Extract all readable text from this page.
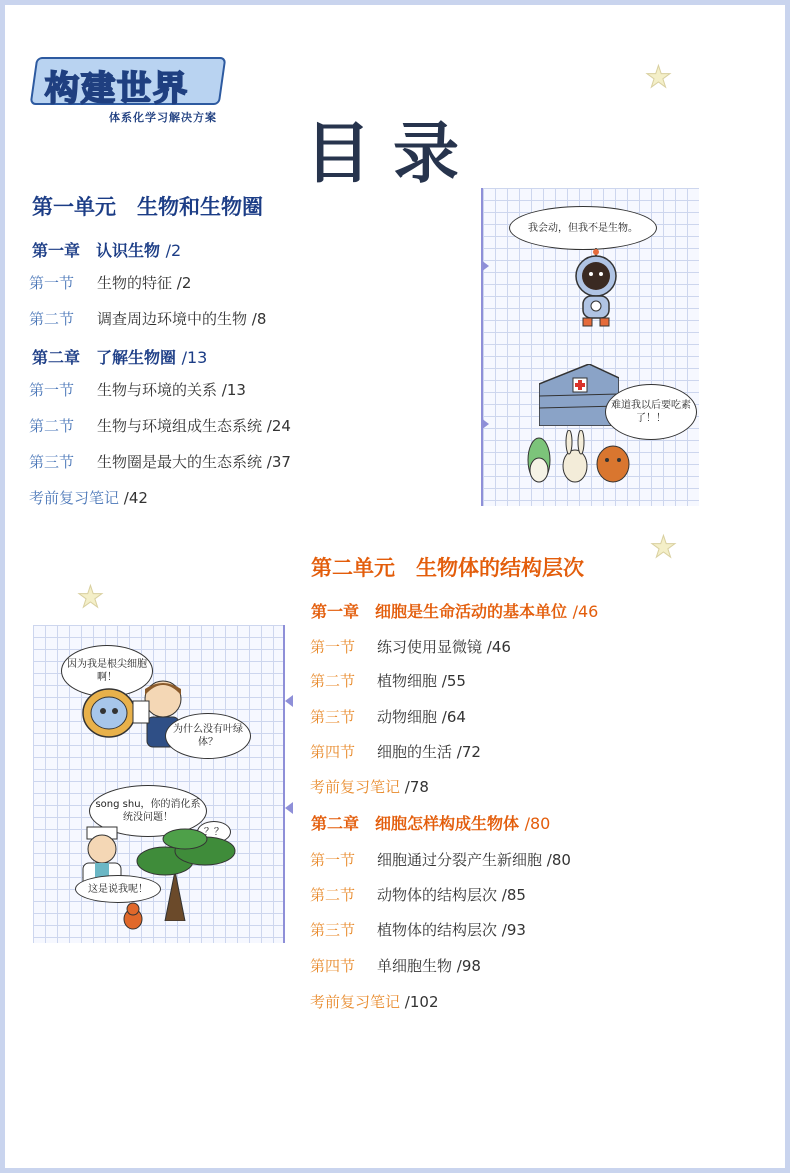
构建世界
体系化学习解决方案 目录
★
★
★
第一单元　生物和生物圈
第一章　认识生物 /2
第一节 生物的特征 /2
第二节 调查周边环境中的生物 /8
第二章　了解生物圈 /13
第一节 生物与环境的关系 /13
第二节 生物与环境组成生态系统 /24
第三节 生物圈是最大的生态系统 /37
考前复习笔记 /42
我会动，但我不是生物。
难道我以后要吃素了！！
第二单元　生物体的结构层次
第一章　细胞是生命活动的基本单位 /46
第一节 练习使用显微镜 /46
第二节 植物细胞 /55
第三节 动物细胞 /64
第四节 细胞的生活 /72
考前复习笔记 /78
第二章　细胞怎样构成生物体 /80
第一节 细胞通过分裂产生新细胞 /80
第二节 动物体的结构层次 /85
第三节 植物体的结构层次 /93
第四节 单细胞生物 /98
考前复习笔记 /102
因为我是根尖细胞啊！
为什么没有叶绿体？
song shu，你的消化系统没问题！
？？
这是说我呢！
